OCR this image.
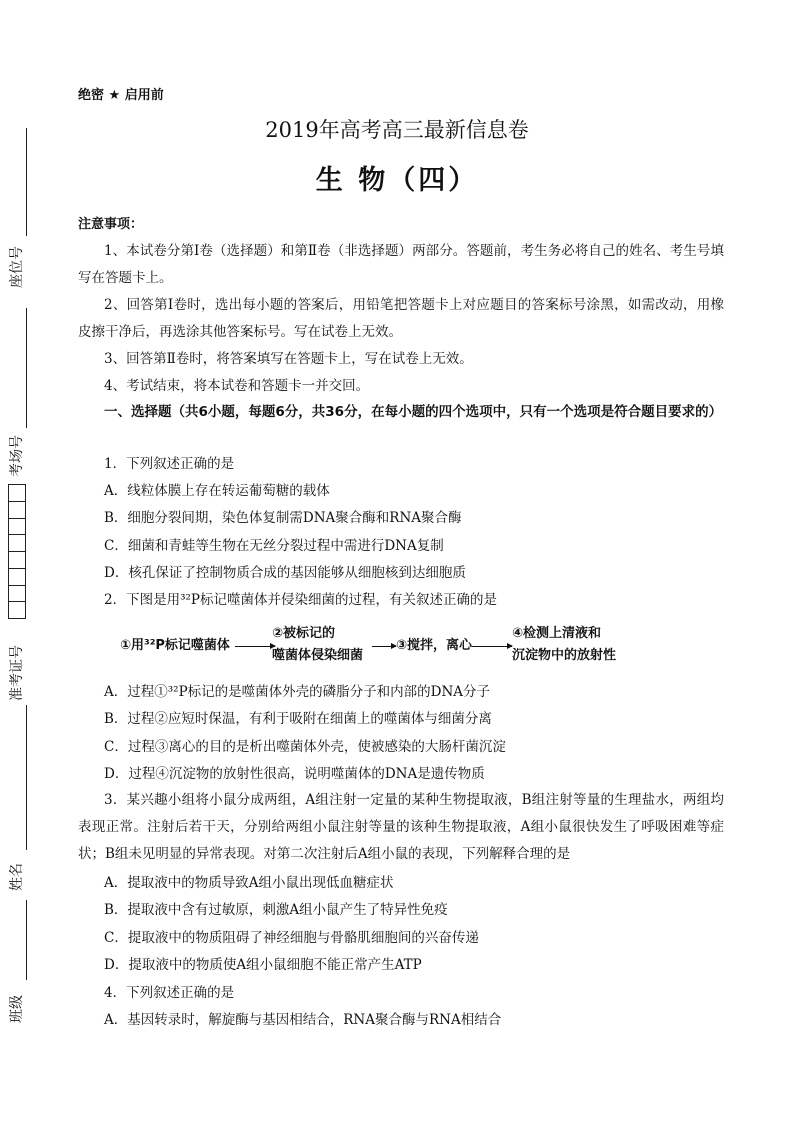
座位号
考场号
准考证号
姓名
班级
绝密 ★ 启用前
2019年高考高三最新信息卷
生 物（四）
注意事项：
1、本试卷分第Ⅰ卷（选择题）和第Ⅱ卷（非选择题）两部分。答题前，考生务必将自己的姓名、考生号填写在答题卡上。
2、回答第Ⅰ卷时，选出每小题的答案后，用铅笔把答题卡上对应题目的答案标号涂黑，如需改动，用橡皮擦干净后，再选涂其他答案标号。写在试卷上无效。
3、回答第Ⅱ卷时，将答案填写在答题卡上，写在试卷上无效。
4、考试结束，将本试卷和答题卡一并交回。
一、选择题（共6小题，每题6分，共36分，在每小题的四个选项中，只有一个选项是符合题目要求的）
1．下列叙述正确的是
A．线粒体膜上存在转运葡萄糖的载体
B．细胞分裂间期，染色体复制需DNA聚合酶和RNA聚合酶
C．细菌和青蛙等生物在无丝分裂过程中需进行DNA复制
D．核孔保证了控制物质合成的基因能够从细胞核到达细胞质
2．下图是用³²P标记噬菌体并侵染细菌的过程，有关叙述正确的是
①用³²P标记噬菌体
②被标记的
噬菌体侵染细菌
③搅拌，离心
④检测上清液和
沉淀物中的放射性
A．过程①³²P标记的是噬菌体外壳的磷脂分子和内部的DNA分子
B．过程②应短时保温，有利于吸附在细菌上的噬菌体与细菌分离
C．过程③离心的目的是析出噬菌体外壳，使被感染的大肠杆菌沉淀
D．过程④沉淀物的放射性很高，说明噬菌体的DNA是遗传物质
3．某兴趣小组将小鼠分成两组，A组注射一定量的某种生物提取液，B组注射等量的生理盐水，两组均表现正常。注射后若干天，分别给两组小鼠注射等量的该种生物提取液，A组小鼠很快发生了呼吸困难等症状；B组未见明显的异常表现。对第二次注射后A组小鼠的表现，下列解释合理的是
A．提取液中的物质导致A组小鼠出现低血糖症状
B．提取液中含有过敏原，刺激A组小鼠产生了特异性免疫
C．提取液中的物质阻碍了神经细胞与骨骼肌细胞间的兴奋传递
D．提取液中的物质使A组小鼠细胞不能正常产生ATP
4．下列叙述正确的是
A．基因转录时，解旋酶与基因相结合，RNA聚合酶与RNA相结合
